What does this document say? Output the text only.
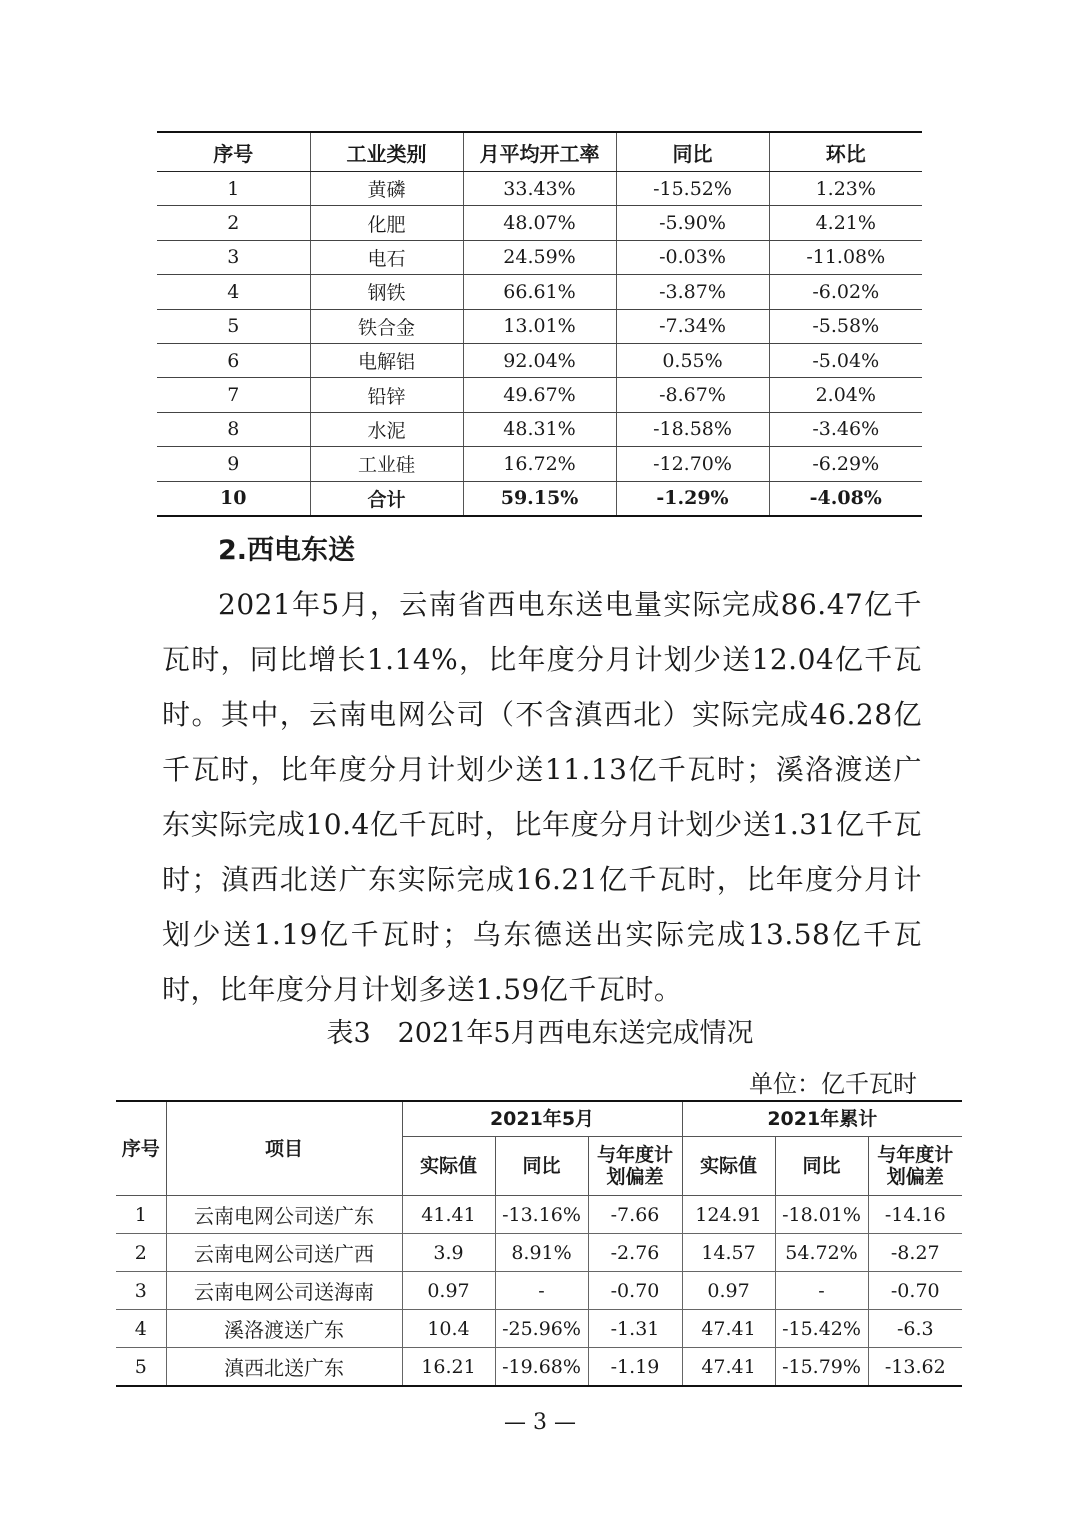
序号	工业类别	月平均开工率	同比	环比
1	黄磷	33.43%	-15.52%	1.23%
2	化肥	48.07%	-5.90%	4.21%
3	电石	24.59%	-0.03%	-11.08%
4	钢铁	66.61%	-3.87%	-6.02%
5	铁合金	13.01%	-7.34%	-5.58%
6	电解铝	92.04%	0.55%	-5.04%
7	铅锌	49.67%	-8.67%	2.04%
8	水泥	48.31%	-18.58%	-3.46%
9	工业硅	16.72%	-12.70%	-6.29%
10	合计	59.15%	-1.29%	-4.08%
2.西电东送

2021年5月，云南省西电东送电量实际完成86.47亿千瓦时，同比增长1.14%，比年度分月计划少送12.04亿千瓦时。其中，云南电网公司（不含滇西北）实际完成46.28亿千瓦时，比年度分月计划少送11.13亿千瓦时；溪洛渡送广东实际完成10.4亿千瓦时，比年度分月计划少送1.31亿千瓦时；滇西北送广东实际完成16.21亿千瓦时，比年度分月计划少送1.19亿千瓦时；乌东德送出实际完成13.58亿千瓦时，比年度分月计划多送1.59亿千瓦时。

表3　2021年5月西电东送完成情况

单位：亿千瓦时

序号	项目	2021年5月			2021年累计		
		实际值	同比	与年度计划偏差	实际值	同比	与年度计划偏差
1	云南电网公司送广东	41.41	-13.16%	-7.66	124.91	-18.01%	-14.16
2	云南电网公司送广西	3.9	8.91%	-2.76	14.57	54.72%	-8.27
3	云南电网公司送海南	0.97	-	-0.70	0.97	-	-0.70
4	溪洛渡送广东	10.4	-25.96%	-1.31	47.41	-15.42%	-6.3
5	滇西北送广东	16.21	-19.68%	-1.19	47.41	-15.79%	-13.62

— 3 —
